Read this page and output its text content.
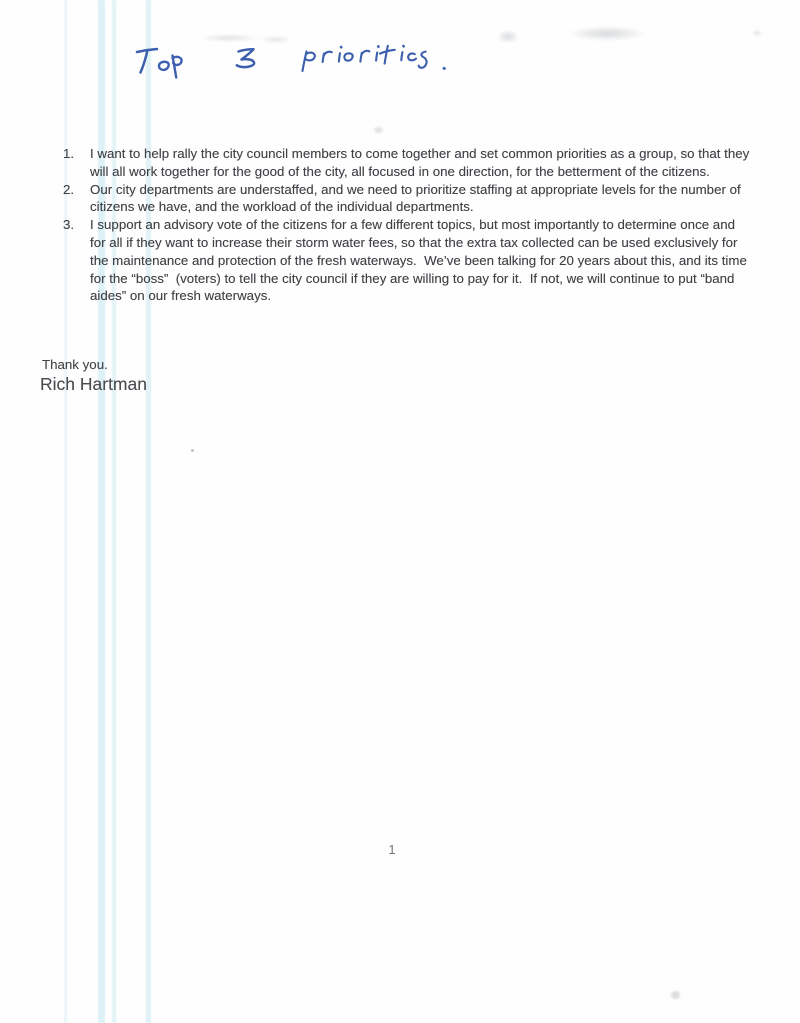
1.	I want to help rally the city council members to come together and set common priorities as a group, so that they will all work together for the good of the city, all focused in one direction, for the betterment of the citizens.
2.	Our city departments are understaffed, and we need to prioritize staffing at appropriate levels for the number of citizens we have, and the workload of the individual departments.
3.	I support an advisory vote of the citizens for a few different topics, but most importantly to determine once and for all if they want to increase their storm water fees, so that the extra tax collected can be used exclusively for the maintenance and protection of the fresh waterways.  We’ve been talking for 20 years about this, and its time for the “boss”  (voters) to tell the city council if they are willing to pay for it.  If not, we will continue to put “band aides” on our fresh waterways.
Thank you.
Rich Hartman
1
